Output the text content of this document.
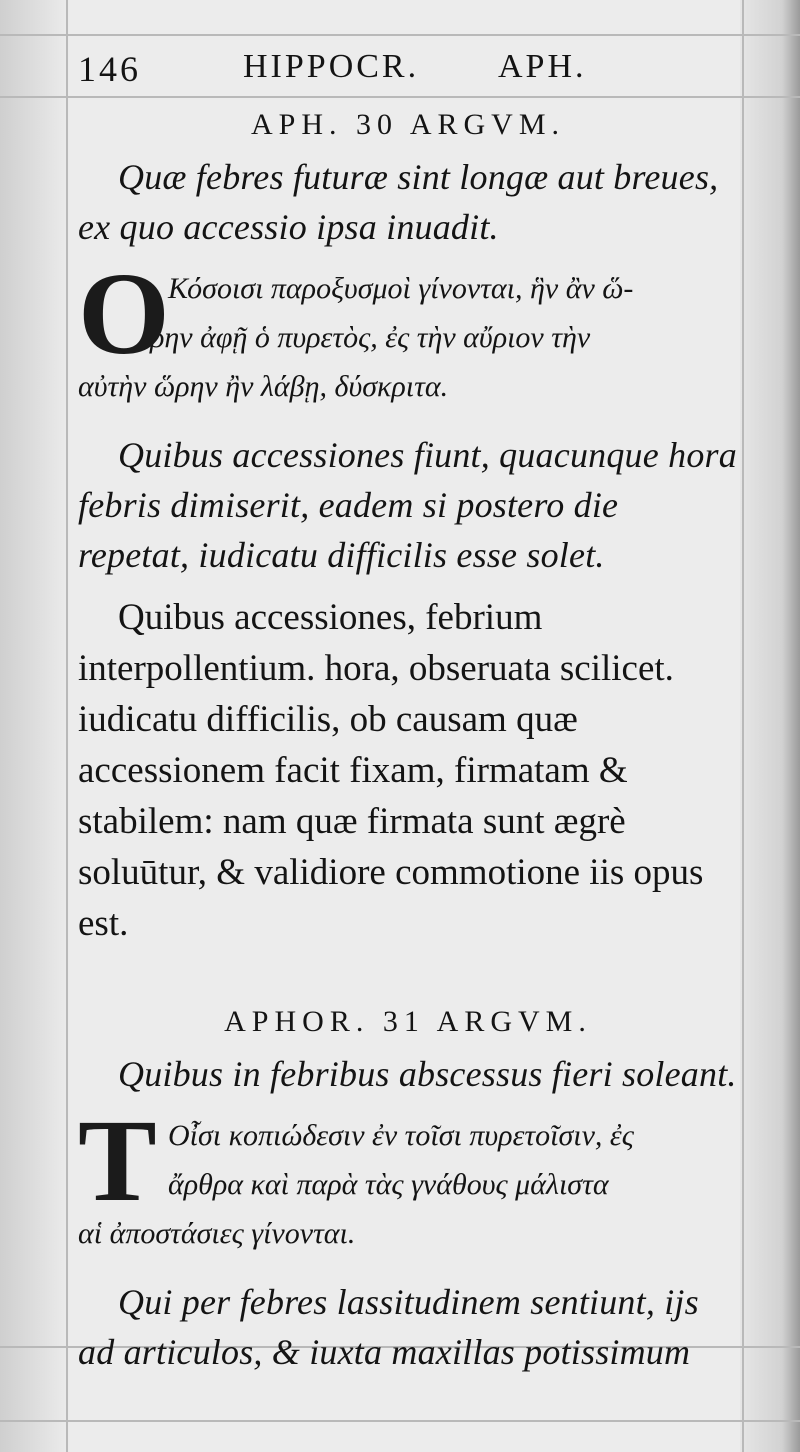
146	HIPPOCR. APH.
APH. 30 ARGVM.

Quæ febres futuræ sint longæ aut breues, ex quo accessio ipsa inuadit.

O
Κόσοισι παροξυσμοὶ γίνονται, ἣν ἂν ὥ-
ρην ἀφῇ ὁ πυρετὸς, ἐς τὴν αὔριον τὴν
αὐτὴν ὥρην ἢν λάβῃ, δύσκριτα.

Quibus accessiones fiunt, quacunque hora febris dimiserit, eadem si postero die repetat, iudicatu difficilis esse solet.

Quibus accessiones, febrium interpollentium. hora, obseruata scilicet. iudicatu difficilis, ob causam quæ accessionem facit fixam, firmatam & stabilem: nam quæ firmata sunt ægrè soluūtur, & validiore commotione iis opus est.

APHOR. 31 ARGVM.

Quibus in febribus abscessus fieri soleant.

T Οἶσι κοπιώδεσιν ἐν τοῖσι πυρετοῖσιν, ἐς
ἄρθρα καὶ παρὰ τὰς γνάθους μάλιστα
αἱ ἀποστάσιες γίνονται.

Qui per febres lassitudinem sentiunt, ijs ad articulos, & iuxta maxillas potissimum
